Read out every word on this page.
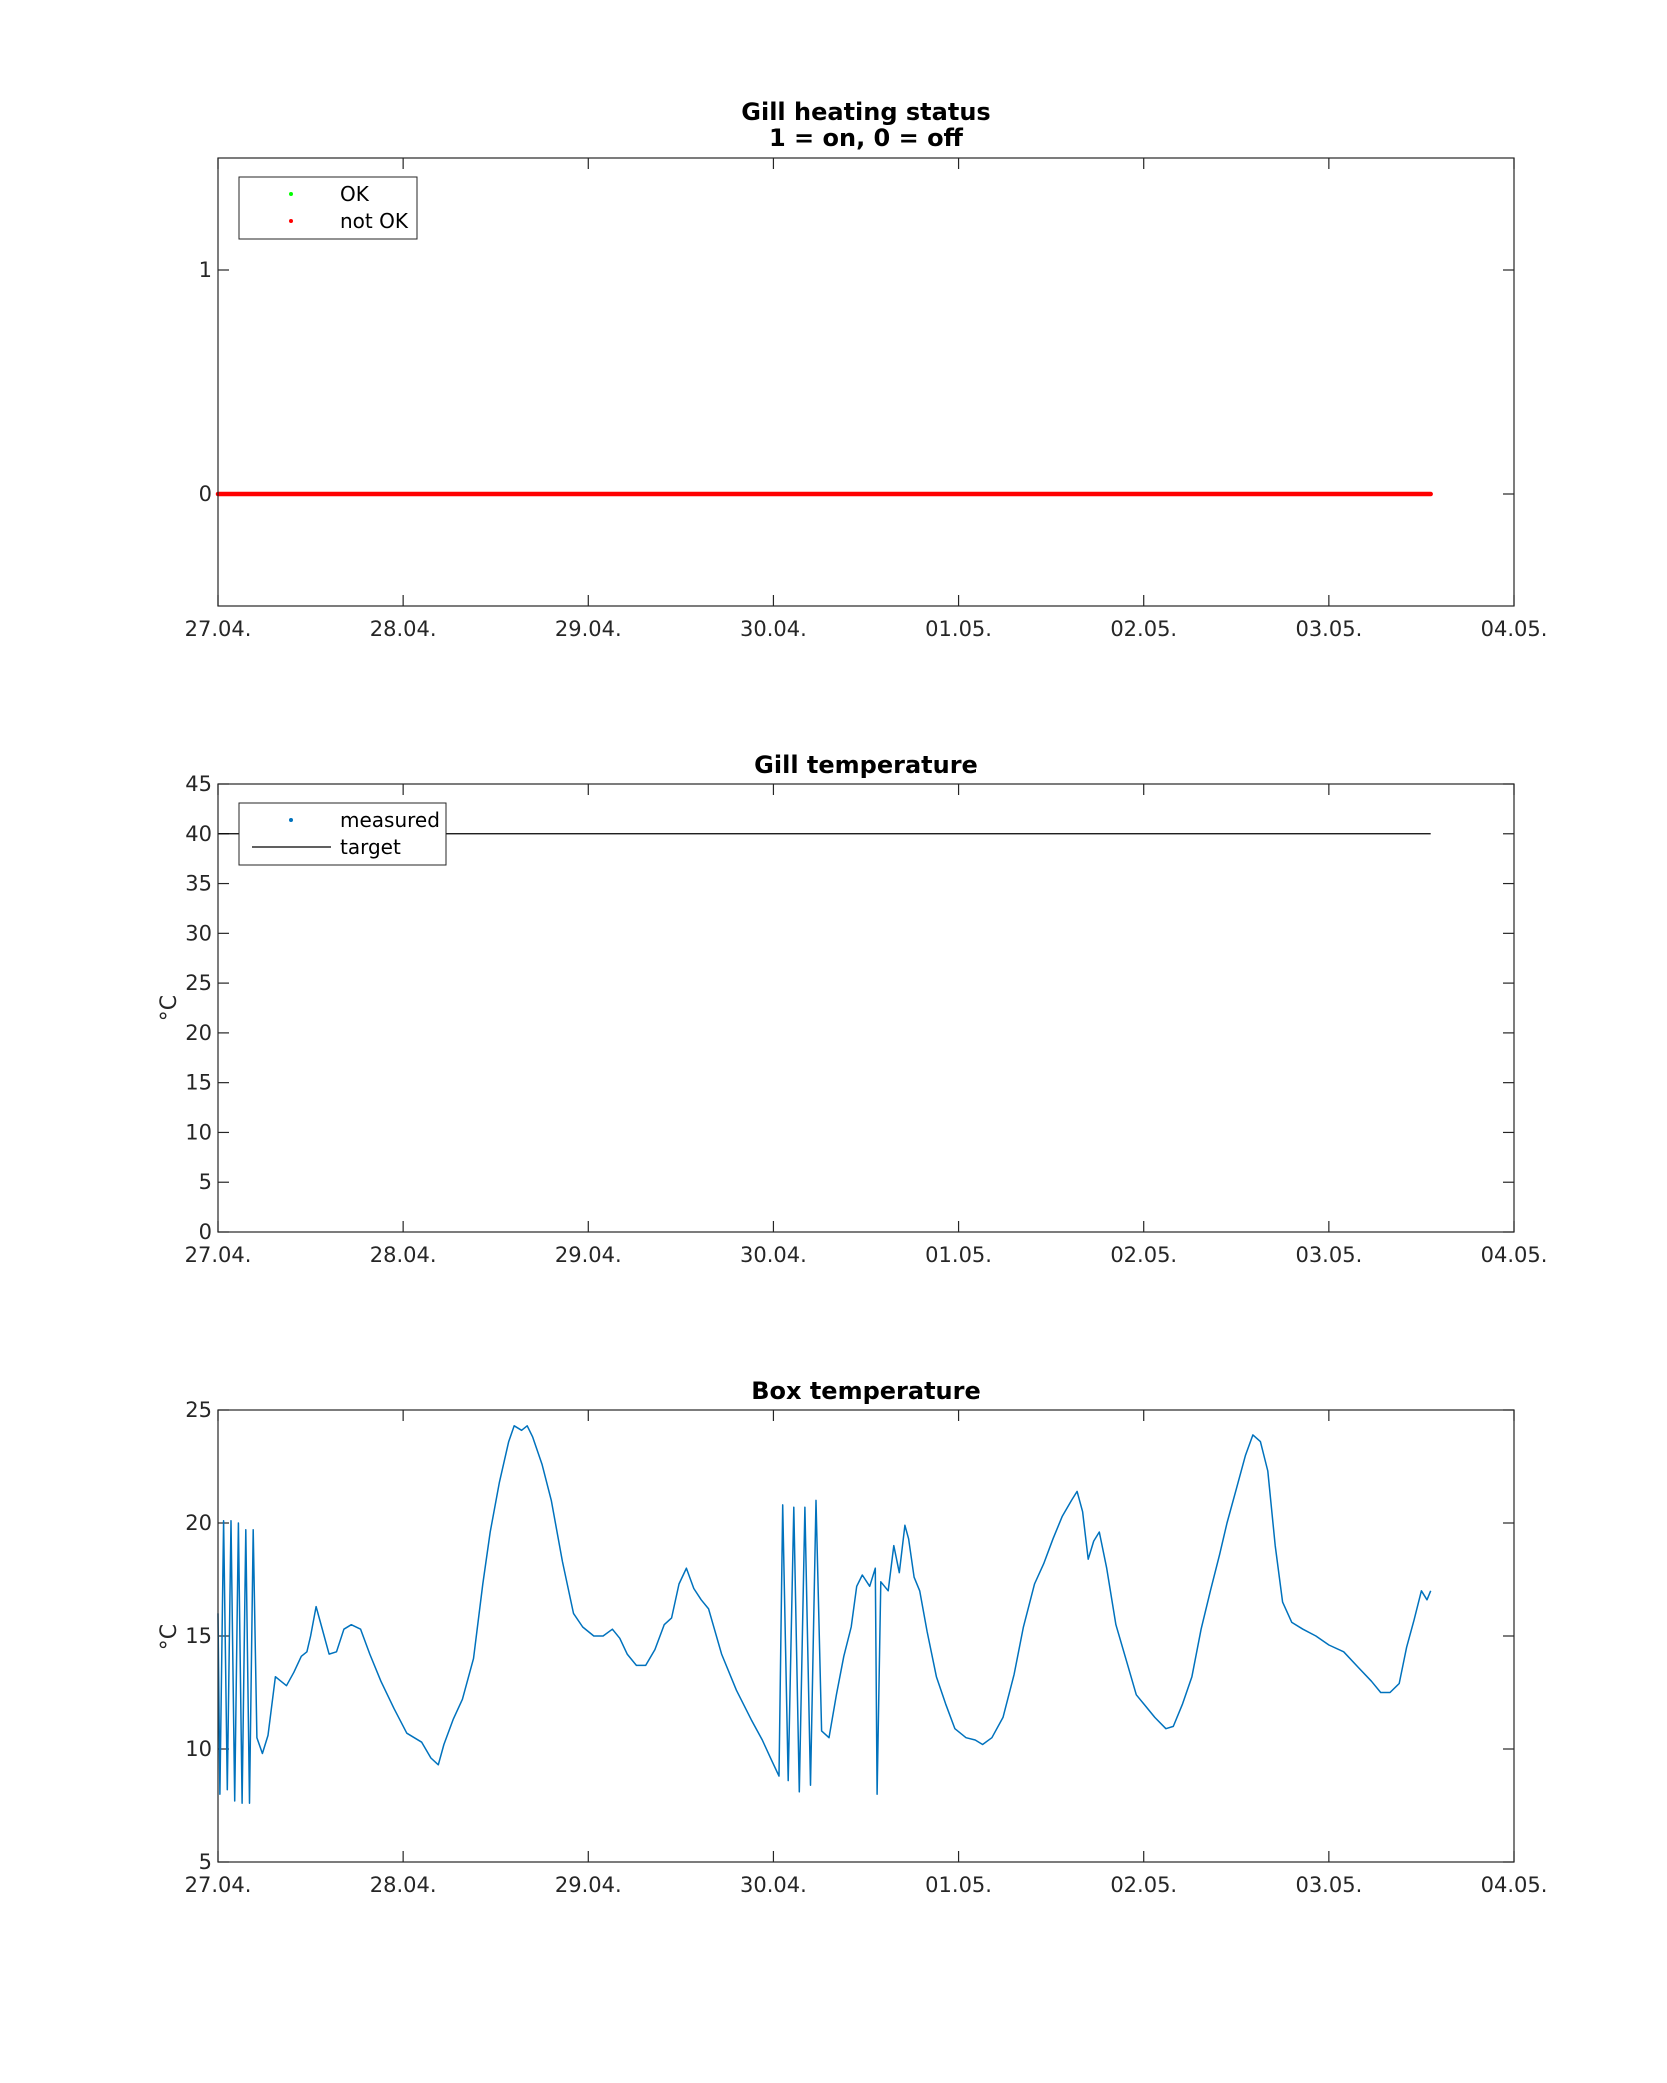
Gill heating status
1 = on, 0 = off
27.04.	28.04.	29.04.	30.04.	01.05.	02.05.	03.05.	04.05.
0
1
OK
not OK
Gill temperature
°C
27.04.	28.04.	29.04.	30.04.	01.05.	02.05.	03.05.	04.05.
0
5
10
15
20
25
30
35
40
45
measured
target
Box temperature
°C
27.04.	28.04.	29.04.	30.04.	01.05.	02.05.	03.05.	04.05.
5
10
15
20
25
